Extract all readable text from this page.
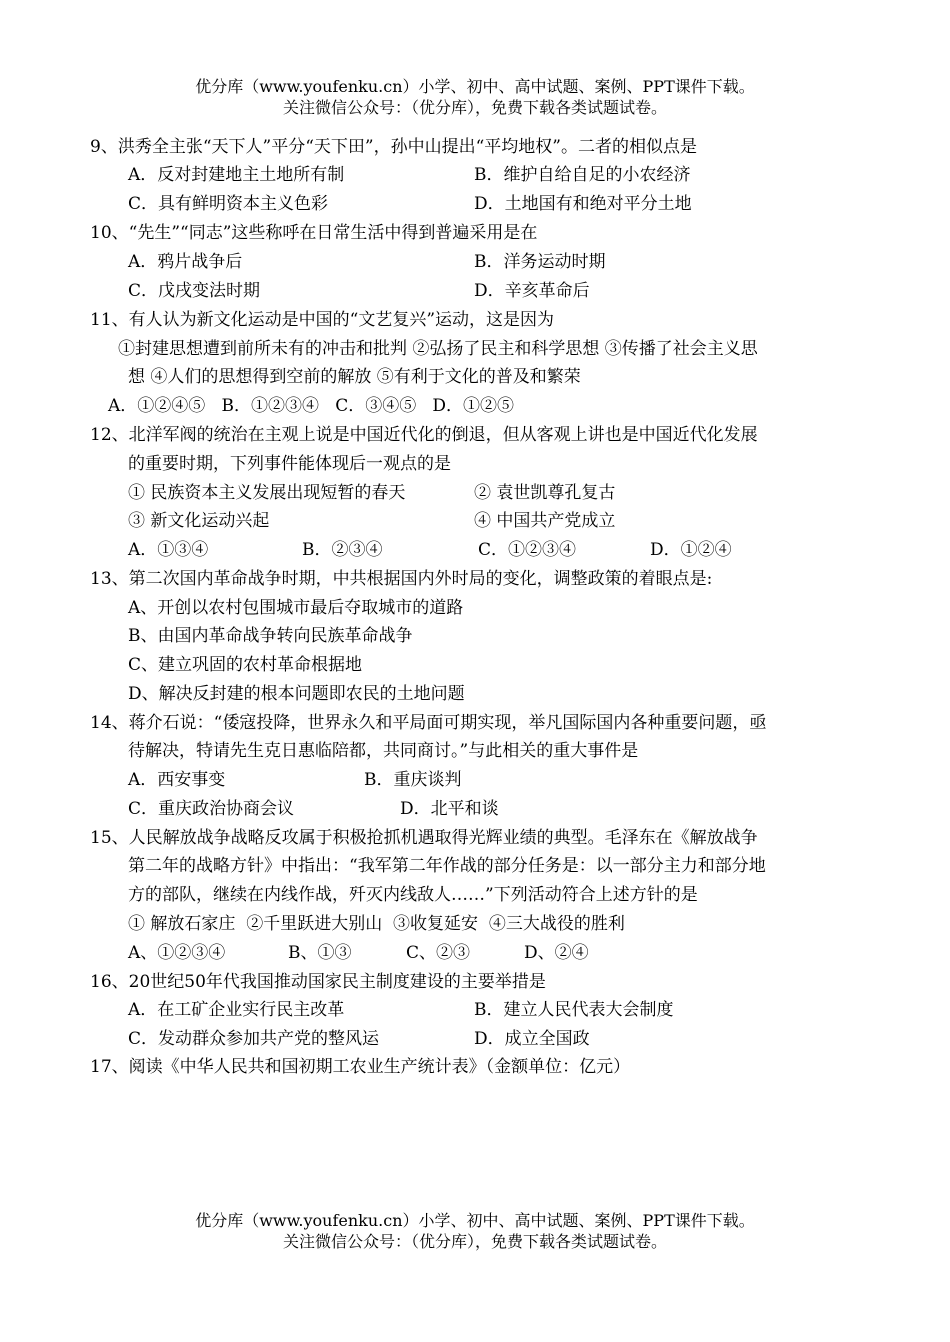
优分库（www.youfenku.cn）小学、初中、高中试题、案例、PPT课件下载。
关注微信公众号：（优分库），免费下载各类试题试卷。
9、洪秀全主张“天下人”平分“天下田”，孙中山提出“平均地权”。二者的相似点是
A．反对封建地主土地所有制	B．维护自给自足的小农经济
C．具有鲜明资本主义色彩	D．土地国有和绝对平分土地
10、“先生”“同志”这些称呼在日常生活中得到普遍采用是在
A．鸦片战争后	B．洋务运动时期
C．戊戌变法时期	D．辛亥革命后
11、有人认为新文化运动是中国的“文艺复兴”运动，这是因为
①封建思想遭到前所未有的冲击和批判 ②弘扬了民主和科学思想 ③传播了社会主义思
想 ④人们的思想得到空前的解放 ⑤有利于文化的普及和繁荣
A．①②④⑤   B．①②③④   C．③④⑤   D．①②⑤
12、北洋军阀的统治在主观上说是中国近代化的倒退，但从客观上讲也是中国近代化发展
的重要时期，下列事件能体现后一观点的是
① 民族资本主义发展出现短暂的春天	② 袁世凯尊孔复古
③ 新文化运动兴起	④ 中国共产党成立
A．①③④	B．②③④	C．①②③④	D．①②④
13、第二次国内革命战争时期，中共根据国内外时局的变化，调整政策的着眼点是:
A、开创以农村包围城市最后夺取城市的道路
B、由国内革命战争转向民族革命战争
C、建立巩固的农村革命根据地
D、解决反封建的根本问题即农民的土地问题
14、蒋介石说：“倭寇投降，世界永久和平局面可期实现，举凡国际国内各种重要问题，亟
待解决，特请先生克日惠临陪都，共同商讨。”与此相关的重大事件是
A．西安事变	B．重庆谈判
C．重庆政治协商会议	D．北平和谈
15、人民解放战争战略反攻属于积极抢抓机遇取得光辉业绩的典型。毛泽东在《解放战争
第二年的战略方针》中指出：“我军第二年作战的部分任务是：以一部分主力和部分地
方的部队，继续在内线作战，歼灭内线敌人……”下列活动符合上述方针的是
① 解放石家庄  ②千里跃进大别山  ③收复延安  ④三大战役的胜利
A、①②③④	B、①③	C、②③	D、②④
16、20世纪50年代我国推动国家民主制度建设的主要举措是
A．在工矿企业实行民主改革	B．建立人民代表大会制度
C．发动群众参加共产党的整风运	D．成立全国政
17、阅读《中华人民共和国初期工农业生产统计表》（金额单位：亿元）
优分库（www.youfenku.cn）小学、初中、高中试题、案例、PPT课件下载。
关注微信公众号：（优分库），免费下载各类试题试卷。
